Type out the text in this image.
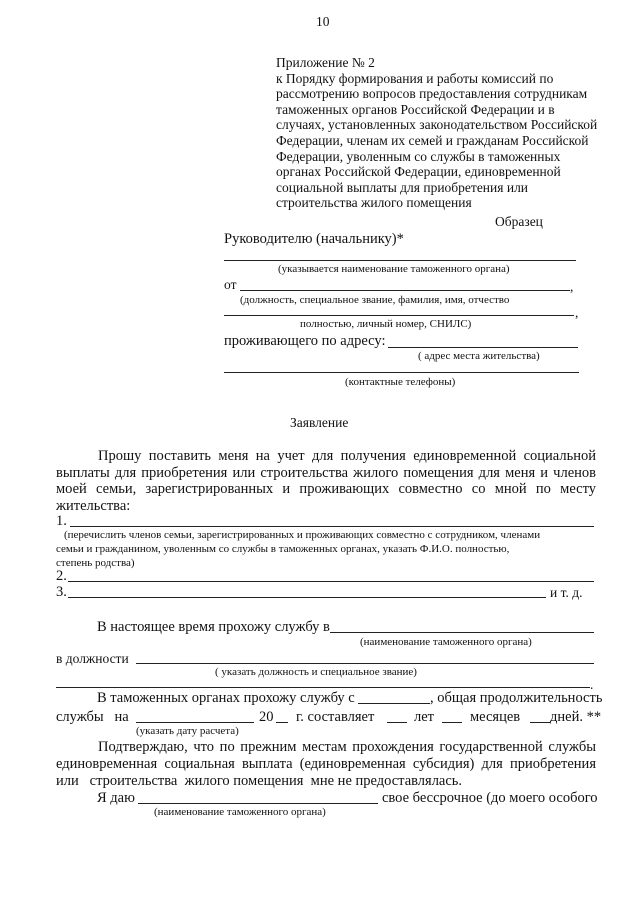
10
Приложение № 2
к Порядку формирования и работы комиссий по
рассмотрению вопросов предоставления сотрудникам
таможенных органов Российской Федерации и в
случаях, установленных законодательством Российской
Федерации, членам их семей и гражданам Российской
Федерации, уволенным со службы в таможенных
органах Российской Федерации, единовременной
социальной выплаты для приобретения или
строительства жилого помещения
Образец
Руководителю (начальнику)*
(указывается наименование таможенного органа)
от	,
(должность, специальное звание, фамилия, имя, отчество
,
полностью, личный номер, СНИЛС)
проживающего по адресу:
( адрес места жительства)
(контактные телефоны)
Заявление
Прошу поставить меня на учет для получения единовременной социальной
выплаты для приобретения или строительства жилого помещения для меня и членов
моей семьи, зарегистрированных и проживающих совместно со мной по месту
жительства:
1.
(перечислить членов семьи, зарегистрированных и проживающих совместно с сотрудником, членами
семьи и гражданином, уволенным со службы в таможенных органах, указать Ф.И.О. полностью,
степень родства)
2.
3.	и т. д.
В настоящее время прохожу службу в
(наименование таможенного органа)
в должности
( указать должность и специальное звание)
.
В таможенных органах прохожу службу с	, общая продолжительность
службы   на	20 г. составляет	лет месяцев дней. **
(указать дату расчета)
Подтверждаю, что по прежним местам прохождения государственной службы
единовременная социальная выплата (единовременная субсидия) для приобретения
или   строительства  жилого помещения  мне не предоставлялась.
Я даю	свое бессрочное (до моего особого
(наименование таможенного органа)
